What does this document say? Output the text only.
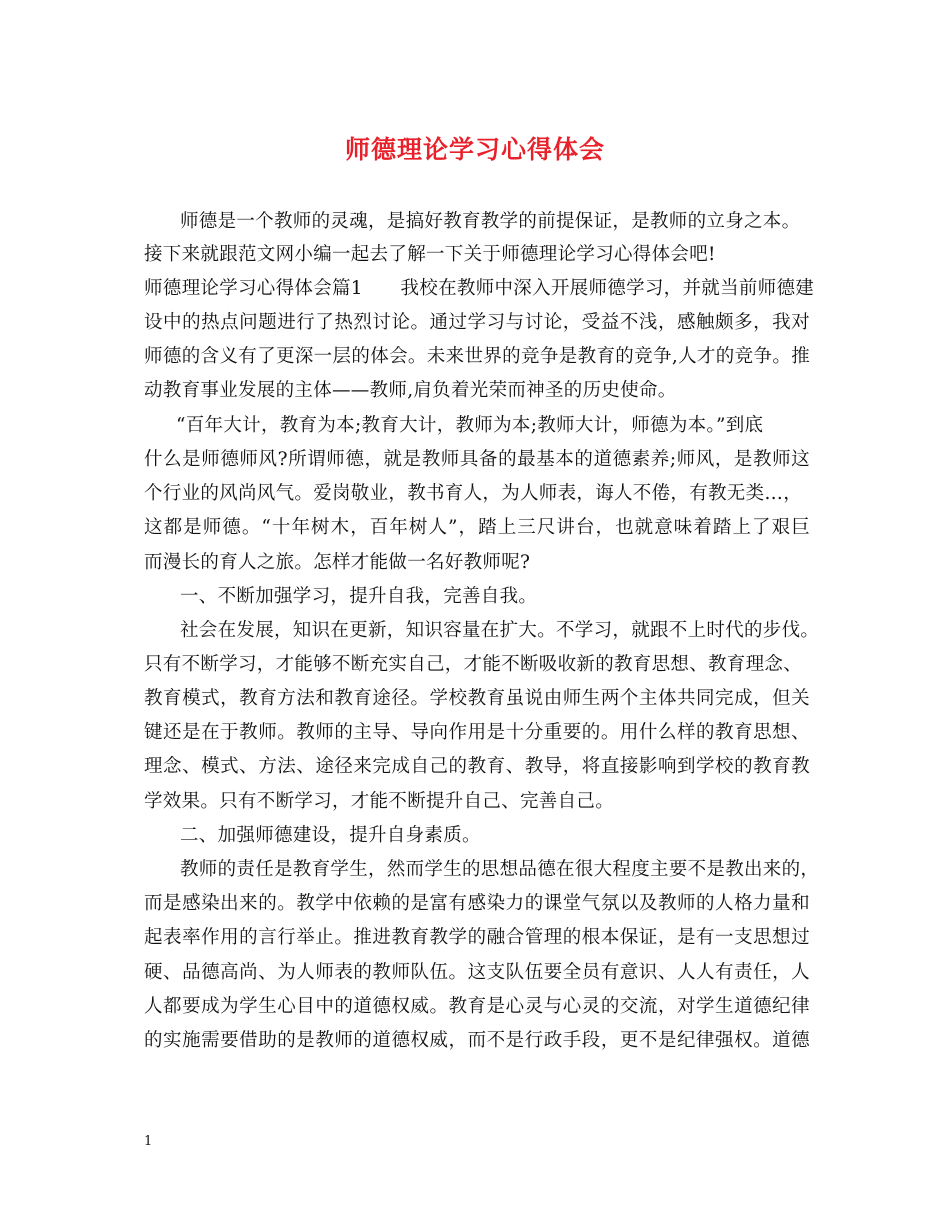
师德理论学习心得体会
师德是一个教师的灵魂，是搞好教育教学的前提保证，是教师的立身之本。
接下来就跟范文网小编一起去了解一下关于师德理论学习心得体会吧!
师德理论学习心得体会篇1　　我校在教师中深入开展师德学习，并就当前师德建
设中的热点问题进行了热烈讨论。通过学习与讨论，受益不浅，感触颇多，我对
师德的含义有了更深一层的体会。未来世界的竞争是教育的竞争,人才的竞争。推
动教育事业发展的主体——教师,肩负着光荣而神圣的历史使命。
“百年大计，教育为本;教育大计，教师为本;教师大计，师德为本。”到底
什么是师德师风?所谓师德，就是教师具备的最基本的道德素养;师风，是教师这
个行业的风尚风气。爱岗敬业，教书育人，为人师表，诲人不倦，有教无类…，
这都是师德。“十年树木，百年树人”，踏上三尺讲台，也就意味着踏上了艰巨
而漫长的育人之旅。怎样才能做一名好教师呢?
一、不断加强学习，提升自我，完善自我。
社会在发展，知识在更新，知识容量在扩大。不学习，就跟不上时代的步伐。
只有不断学习，才能够不断充实自己，才能不断吸收新的教育思想、教育理念、
教育模式，教育方法和教育途径。学校教育虽说由师生两个主体共同完成，但关
键还是在于教师。教师的主导、导向作用是十分重要的。用什么样的教育思想、
理念、模式、方法、途径来完成自己的教育、教导，将直接影响到学校的教育教
学效果。只有不断学习，才能不断提升自己、完善自己。
二、加强师德建设，提升自身素质。
教师的责任是教育学生，然而学生的思想品德在很大程度主要不是教出来的，
而是感染出来的。教学中依赖的是富有感染力的课堂气氛以及教师的人格力量和
起表率作用的言行举止。推进教育教学的融合管理的根本保证，是有一支思想过
硬、品德高尚、为人师表的教师队伍。这支队伍要全员有意识、人人有责任，人
人都要成为学生心目中的道德权威。教育是心灵与心灵的交流，对学生道德纪律
的实施需要借助的是教师的道德权威，而不是行政手段，更不是纪律强权。道德
1
